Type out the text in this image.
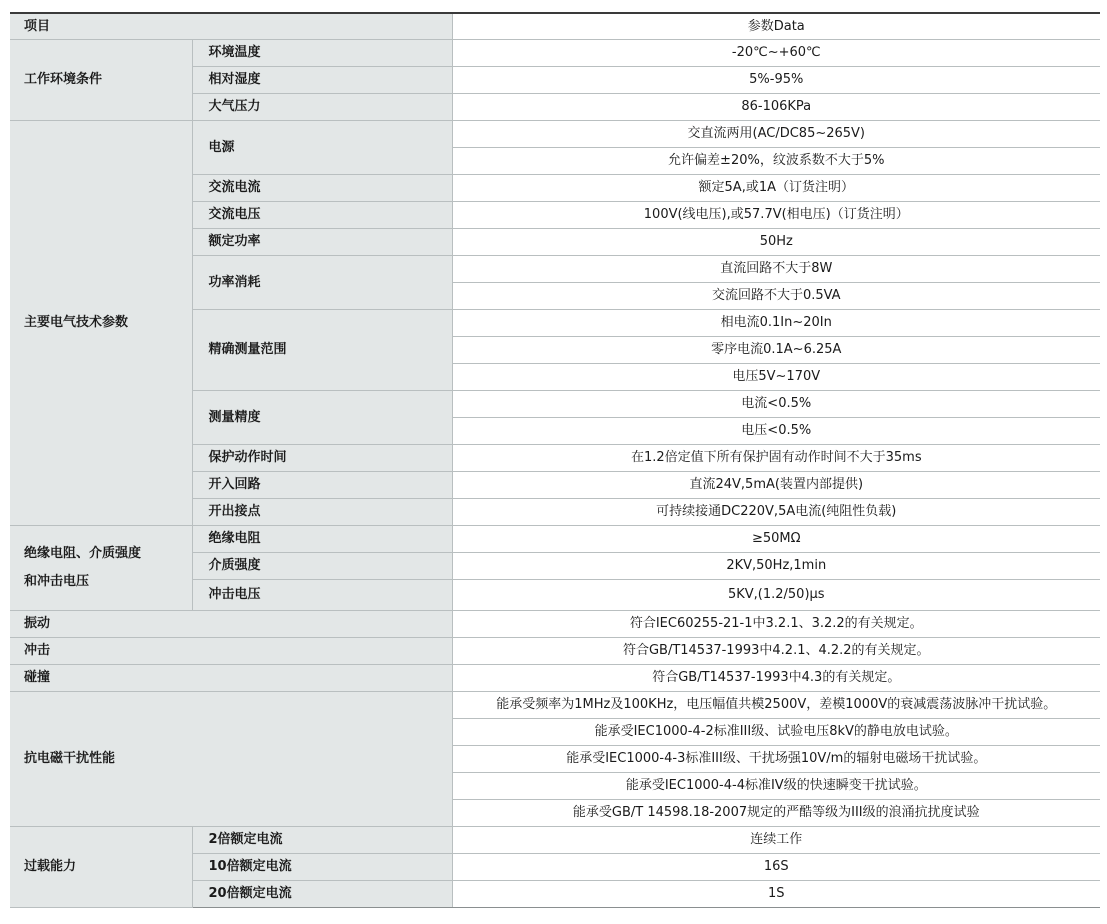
项目		参数Data
工作环境条件	环境温度	-20℃~+60℃
	相对湿度	5%-95%
	大气压力	86-106KPa
主要电气技术参数	电源	交直流两用(AC/DC85~265V)
		允许偏差±20%，纹波系数不大于5%
	交流电流	额定5A,或1A（订货注明）
	交流电压	100V(线电压),或57.7V(相电压)（订货注明）
	额定功率	50Hz
	功率消耗	直流回路不大于8W
		交流回路不大于0.5VA
	精确测量范围	相电流0.1In~20In
		零序电流0.1A~6.25A
		电压5V~170V
	测量精度	电流<0.5%
		电压<0.5%
	保护动作时间	在1.2倍定值下所有保护固有动作时间不大于35ms
	开入回路	直流24V,5mA(装置内部提供)
	开出接点	可持续接通DC220V,5A电流(纯阻性负载)

绝缘电阻、介质强度
和冲击电压	绝缘电阻	≥50MΩ
	介质强度	2KV,50Hz,1min
	冲击电压	5KV,(1.2/50)μs
振动		符合IEC60255-21-1中3.2.1、3.2.2的有关规定。
冲击		符合GB/T14537-1993中4.2.1、4.2.2的有关规定。
碰撞		符合GB/T14537-1993中4.3的有关规定。
抗电磁干扰性能		能承受频率为1MHz及100KHz，电压幅值共模2500V，差模1000V的衰减震荡波脉冲干扰试验。
		能承受IEC1000-4-2标准III级、试验电压8kV的静电放电试验。
		能承受IEC1000-4-3标准III级、干扰场强10V/m的辐射电磁场干扰试验。
		能承受IEC1000-4-4标准IV级的快速瞬变干扰试验。
		能承受GB/T 14598.18-2007规定的严酷等级为III级的浪涌抗扰度试验
过载能力	2倍额定电流	连续工作
	10倍额定电流	16S
	20倍额定电流	1S
